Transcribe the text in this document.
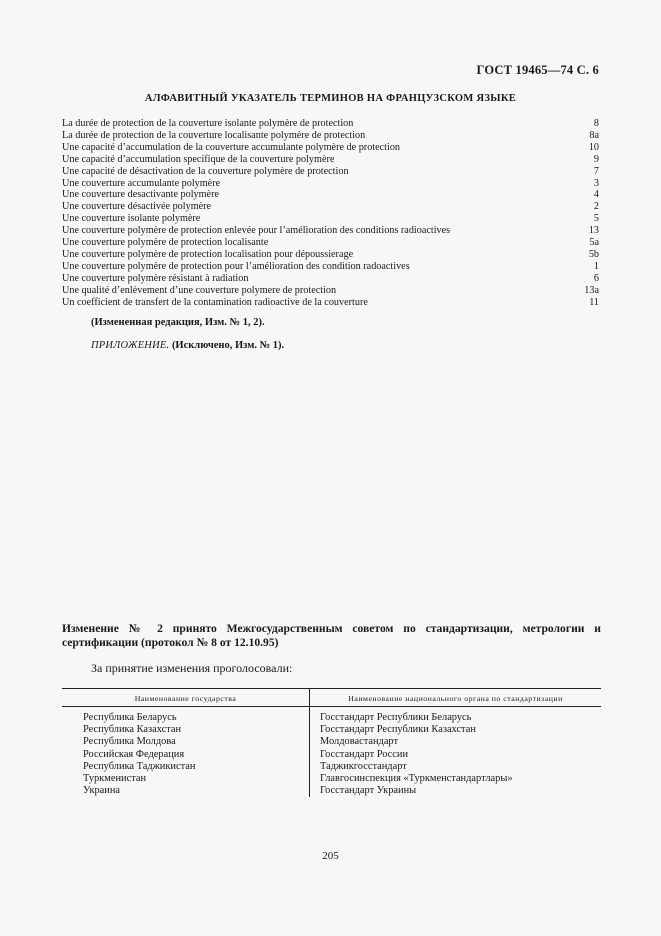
ГОСТ 19465—74 С. 6
АЛФАВИТНЫЙ УКАЗАТЕЛЬ ТЕРМИНОВ НА ФРАНЦУЗСКОМ ЯЗЫКЕ
La durée de protection de la couverture isolante polymère de protection	8
La durée de protection de la couverture localisante polymère de protection	8a
Une capacité d’accumulation de la couverture accumulante polymère de protection	10
Une capacité d’accumulation specifique de la couverture polymère	9
Une capacité de désactivation de la couverture polymère de protection	7
Une couverture accumulante polymère	3
Une couverture desactivante polymère	4
Une couverture désactivée polymère	2
Une couverture isolante polymère	5
Une couverture polymère de protection enlevée pour l’amélioration des conditions radioactives	13
Une couverture polymère de protection localisante	5a
Une couverture polymère de protection localisation pour dépoussierage	5b
Une couverture polymère de protection pour l’amélioration des condition radoactives	1
Une couverture polymère résistant à radiation	6
Une qualité d’enlèvement d’une couverture polymere de protection	13a
Un coefficient de transfert de la contamination radioactive de la couverture	11
(Измененная редакция, Изм. № 1, 2).
ПРИЛОЖЕНИЕ. (Исключено, Изм. № 1).
Изменение № 2 принято Межгосударственным советом по стандартизации, метрологии и сертификации (протокол № 8 от 12.10.95)
За принятие изменения проголосовали:
Наименование государства	Наименование национального органа по стандартизации
Республика Беларусь	Госстандарт Республики Беларусь
Республика Казахстан	Госстандарт Республики Казахстан
Республика Молдова	Молдовастандарт
Российская Федерация	Госстандарт России
Республика Таджикистан	Таджикгосстандарт
Туркменистан	Главгосинспекция «Туркменстандартлары»
Украина	Госстандарт Украины
205
